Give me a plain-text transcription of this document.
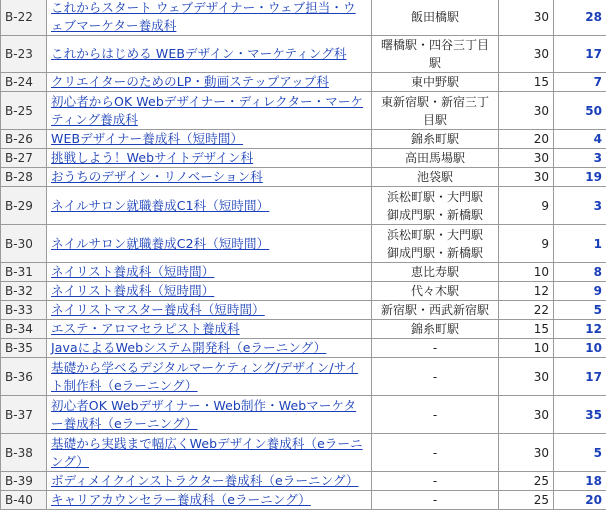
B-22	これからスタート ウェブデザイナー・ウェブ担当・ウェブマーケター養成科	飯田橋駅	30	28
B-23	これからはじめる WEBデザイン・マーケティング科	曙橋駅・四谷三丁目駅	30	17
B-24	クリエイターのためのLP・動画ステップアップ科	東中野駅	15	7
B-25	初心者からOK Webデザイナー・ディレクター・マーケティング養成科	東新宿駅・新宿三丁目駅	30	50
B-26	WEBデザイナー養成科（短時間）	錦糸町駅	20	4
B-27	挑戦しよう！Webサイトデザイン科	高田馬場駅	30	3
B-28	おうちのデザイン・リノベーション科	池袋駅	30	19
B-29	ネイルサロン就職養成C1科（短時間）	浜松町駅・大門駅
御成門駅・新橋駅	9	3
B-30	ネイルサロン就職養成C2科（短時間）	浜松町駅・大門駅
御成門駅・新橋駅	9	1
B-31	ネイリスト養成科（短時間）	恵比寿駅	10	8
B-32	ネイリスト養成科（短時間）	代々木駅	12	9
B-33	ネイリストマスター養成科（短時間）	新宿駅・西武新宿駅	22	5
B-34	エステ・アロマセラピスト養成科	錦糸町駅	15	12
B-35	JavaによるWebシステム開発科（eラーニング）	-	10	10
B-36	基礎から学べるデジタルマーケティング/デザイン/サイト制作科（eラーニング）	-	30	17
B-37	初心者OK Webデザイナー・Web制作・Webマーケター養成科（eラーニング）	-	30	35
B-38	基礎から実践まで幅広くWebデザイン養成科（eラーニング）	-	30	5
B-39	ボディメイクインストラクター養成科（eラーニング）	-	25	18
B-40	キャリアカウンセラー養成科（eラーニング）	-	25	20
